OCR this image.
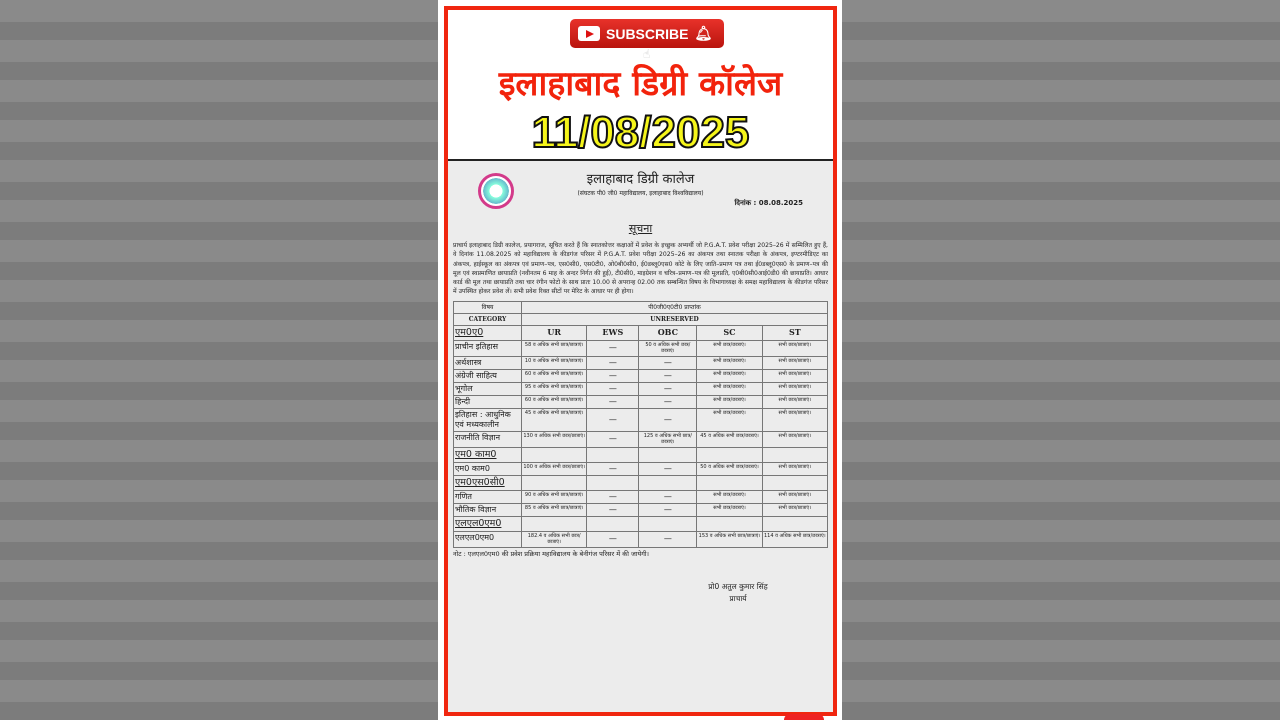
SUBSCRIBE 🔔︎
☝
इलाहाबाद डिग्री कॉलेज
11/08/2025
इलाहाबाद डिग्री कालेज
(संघटक पी0 जी0 महाविद्यालय, इलाहाबाद विश्वविद्यालय)
दिनांक : 08.08.2025
सूचना
प्राचार्य इलाहाबाद डिग्री कालेज, प्रयागराज, सूचित करते हैं कि स्नातकोत्तर कक्षाओं में प्रवेश के इच्छुक अभ्यर्थी जो P.G.A.T. प्रवेश परीक्षा 2025–26 में सम्मिलित हुए हैं, वे दिनांक 11.08.2025 को महाविद्यालय के कीडगंज परिसर में P.G.A.T. प्रवेश परीक्षा 2025–26 का अंकपत्र तथा स्नातक परीक्षा के अंकपत्र, इण्टरमीडिएट का अंकपत्र, हाईस्कूल का अंकपत्र एवं प्रमाण–पत्र, एस0सी0, एस0टी0, ओ0बी0सी0, ई0डब्लू0एस0 कोटे के लिए जाति–प्रमाण पत्र तथा ई0डब्लू0एस0 के प्रमाण–पत्र की मूल एवं स्वप्रमाणित छायाप्रति (नवीनतम 6 माह के अन्दर निर्गत की हुई), टी0सी0, माइग्रेशन व चरित्र–प्रमाण–पत्र की मूलप्रति, ए0बी0सी0आई0डी0 की छायाप्रति। आधार कार्ड की मूल तथा छायाप्रति तथा चार रंगीन फोटो के साथ प्रातः 10.00 से अपरान्ह 02.00 तक सम्बन्धित विषय के विभागाध्यक्ष के समक्ष महाविद्यालय के कीडगंज परिसर में उपस्थित होकर प्रवेश लें। सभी प्रवेश रिक्त सीटों पर मेरिट के आधार पर ही होगा।
विषय	पी0जी0ए0टी0 प्राप्तांक				
CATEGORY	UNRESERVED				
एम0ए0	UR	EWS	OBC	SC	ST
प्राचीन इतिहास	58 व अधिक सभी छात्र/छात्राएं।	—	50 व अधिक सभी छात्र/छात्राएं।	सभी छात्र/छात्राएं।	सभी छात्र/छात्राएं।
अर्थशास्त्र	10 व अधिक सभी छात्र/छात्राएं।	—	—	सभी छात्र/छात्राएं।	सभी छात्र/छात्राएं।
अंग्रेजी साहित्य	60 व अधिक सभी छात्र/छात्राएं।	—	—	सभी छात्र/छात्राएं।	सभी छात्र/छात्राएं।
भूगोल	95 व अधिक सभी छात्र/छात्राएं।	—	—	सभी छात्र/छात्राएं।	सभी छात्र/छात्राएं।
हिन्दी	60 व अधिक सभी छात्र/छात्राएं।	—	—	सभी छात्र/छात्राएं।	सभी छात्र/छात्राएं।
इतिहास : आधुनिक एवं मध्यकालीन	45 व अधिक सभी छात्र/छात्राएं।	—	—	सभी छात्र/छात्राएं।	सभी छात्र/छात्राएं।
राजनीति विज्ञान	130 व अधिक सभी छात्र/छात्राएं।	—	125 व अधिक सभी छात्र/छात्राएं।	45 व अधिक सभी छात्र/छात्राएं।	सभी छात्र/छात्राएं।
एम0 काम0					
एम0 काम0	100 व अधिक सभी छात्र/छात्राएं।	—	—	50 व अधिक सभी छात्र/छात्राएं।	सभी छात्र/छात्राएं।
एम0एस0सी0					
गणित	90 व अधिक सभी छात्र/छात्राएं।	—	—	सभी छात्र/छात्राएं।	सभी छात्र/छात्राएं।
भौतिक विज्ञान	85 व अधिक सभी छात्र/छात्राएं।	—	—	सभी छात्र/छात्राएं।	सभी छात्र/छात्राएं।
एलएल0एम0					
एलएल0एम0	182.4 व अधिक सभी छात्र/छात्राएं।	—	—	153 व अधिक सभी छात्र/छात्राएं।	114 व अधिक सभी छात्र/छात्राएं।
नोट : एलएल0एम0 की प्रवेश प्रक्रिया महाविद्यालय के बेनीगंज परिसर में की जायेगी।
प्रो0 अतुल कुमार सिंह
प्राचार्य
